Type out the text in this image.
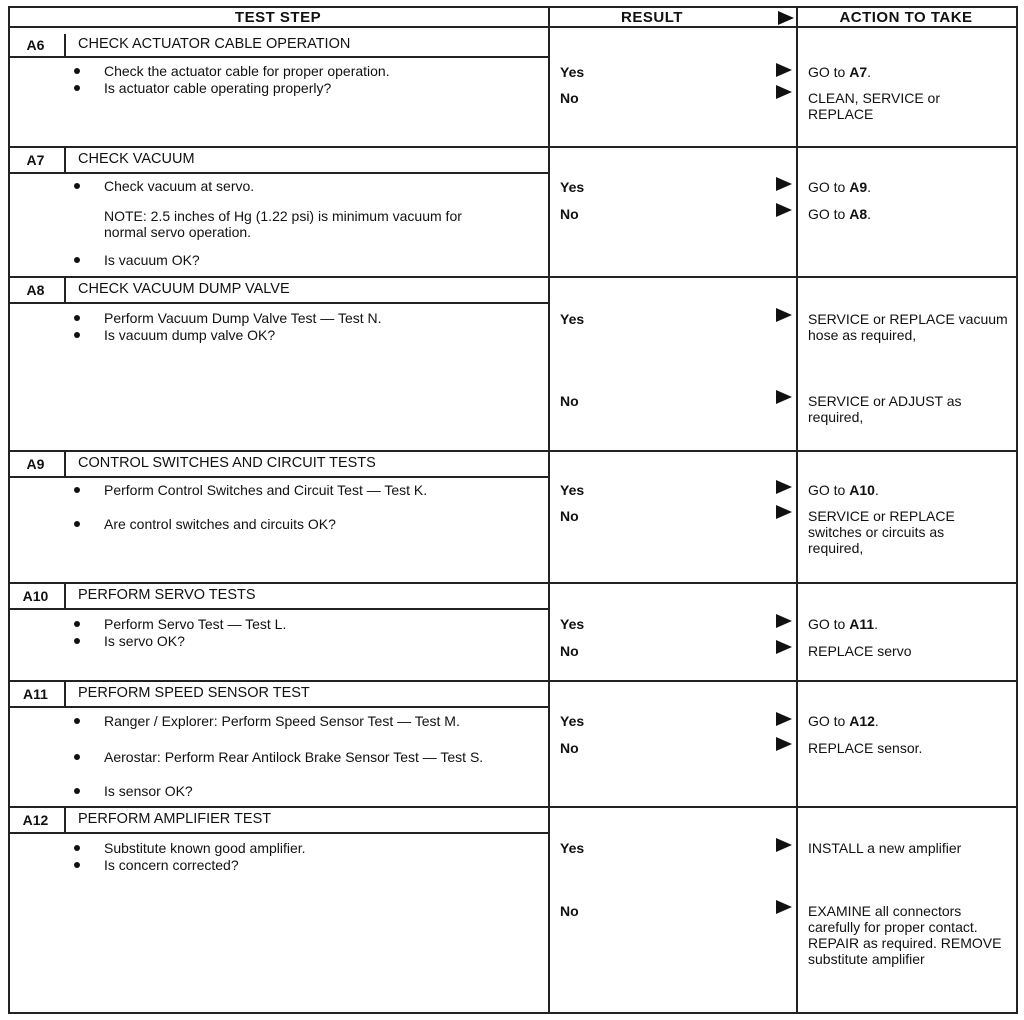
TEST STEP	RESULT	ACTION TO TAKE
A6	CHECK ACTUATOR CABLE OPERATION
Check the actuator cable for proper operation.
Is actuator cable operating properly?
Yes	GO to A7.
No	CLEAN, SERVICE or REPLACE
A7	CHECK VACUUM
Check vacuum at servo.
NOTE: 2.5 inches of Hg (1.22 psi) is minimum vacuum for normal servo operation.
Is vacuum OK?
Yes	GO to A9.
No	GO to A8.
A8	CHECK VACUUM DUMP VALVE
Perform Vacuum Dump Valve Test — Test N.
Is vacuum dump valve OK?
Yes	SERVICE or REPLACE vacuum hose as required,
No	SERVICE or ADJUST as required,
A9	CONTROL SWITCHES AND CIRCUIT TESTS
Perform Control Switches and Circuit Test — Test K.
Are control switches and circuits OK?
Yes	GO to A10.
No	SERVICE or REPLACE switches or circuits as required,
A10	PERFORM SERVO TESTS
Perform Servo Test — Test L.
Is servo OK?
Yes	GO to A11.
No	REPLACE servo
A11	PERFORM SPEED SENSOR TEST
Ranger / Explorer: Perform Speed Sensor Test — Test M.
Aerostar: Perform Rear Antilock Brake Sensor Test — Test S.
Is sensor OK?
Yes	GO to A12.
No	REPLACE sensor.
A12	PERFORM AMPLIFIER TEST
Substitute known good amplifier.
Is concern corrected?
Yes	INSTALL a new amplifier
No	EXAMINE all connectors carefully for proper contact. REPAIR as required. REMOVE substitute amplifier
